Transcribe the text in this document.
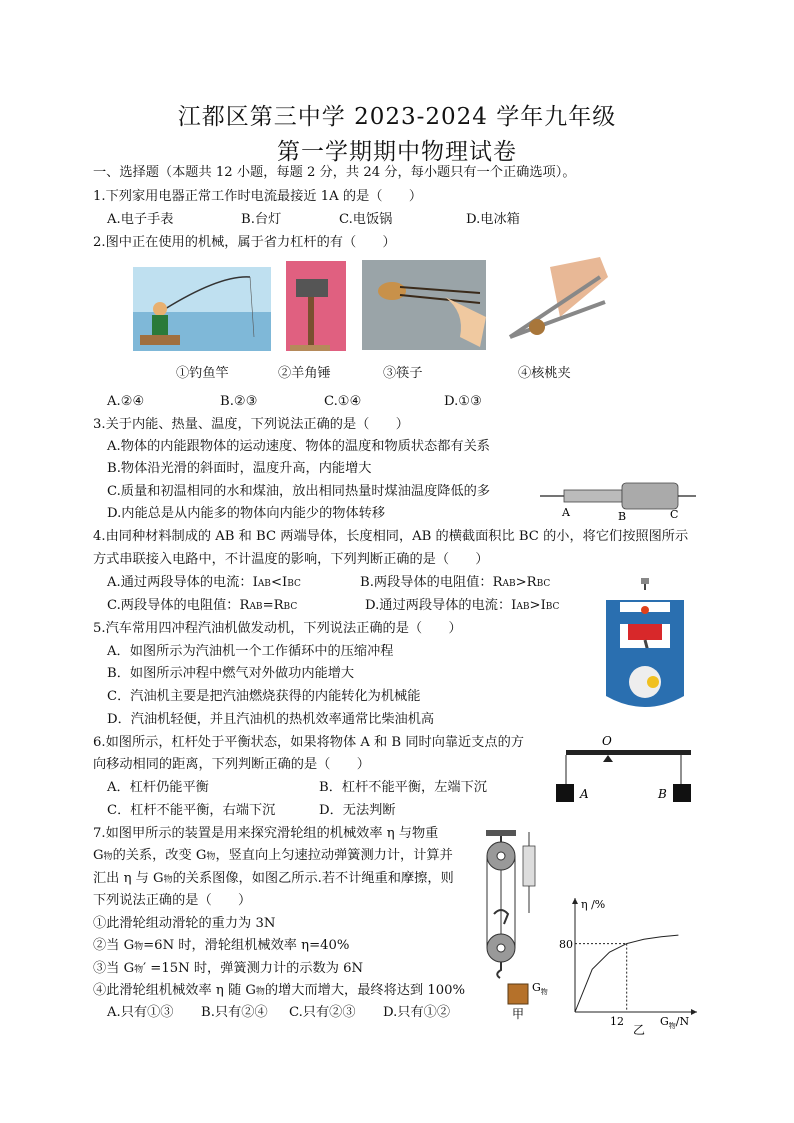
江都区第三中学 2023-2024 学年九年级
第一学期期中物理试卷
一、选择题（本题共 12 小题，每题 2 分，共 24 分，每小题只有一个正确选项）。
1.下列家用电器正常工作时电流最接近 1A 的是（　　）
A.电子手表	B.台灯	C.电饭锅	D.电冰箱
2.图中正在使用的机械，属于省力杠杆的有（　　）
①钓鱼竿	②羊角锤	③筷子	④核桃夹
A.②④	B.②③	C.①④	D.①③
3.关于内能、热量、温度，下列说法正确的是（　　）
A.物体的内能跟物体的运动速度、物体的温度和物质状态都有关系
B.物体沿光滑的斜面时，温度升高，内能增大
C.质量和初温相同的水和煤油，放出相同热量时煤油温度降低的多
D.内能总是从内能多的物体向内能少的物体转移	A	B	C
4.由同种材料制成的 AB 和 BC 两端导体，长度相同，AB 的横截面积比 BC 的小，将它们按照图所示
方式串联接入电路中，不计温度的影响，下列判断正确的是（　　）
A.通过两段导体的电流：IAB<IBC	B.两段导体的电阻值：RAB>RBC
C.两段导体的电阻值：RAB=RBC	D.通过两段导体的电流：IAB>IBC
5.汽车常用四冲程汽油机做发动机，下列说法正确的是（　　）
A．如图所示为汽油机一个工作循环中的压缩冲程
B．如图所示冲程中燃气对外做功内能增大
C．汽油机主要是把汽油燃烧获得的内能转化为机械能
D．汽油机轻便，并且汽油机的热机效率通常比柴油机高
6.如图所示，杠杆处于平衡状态，如果将物体 A 和 B 同时向靠近支点的方
向移动相同的距离，下列判断正确的是（　　）
A．杠杆仍能平衡	B．杠杆不能平衡，左端下沉
C．杠杆不能平衡，右端下沉	D．无法判断
O
A	B
7.如图甲所示的装置是用来探究滑轮组的机械效率 η 与物重
G物的关系，改变 G物，竖直向上匀速拉动弹簧测力计，计算并
汇出 η 与 G物的关系图像，如图乙所示.若不计绳重和摩擦，则
下列说法正确的是（　　）
①此滑轮组动滑轮的重力为 3N
②当 G物=6N 时，滑轮组机械效率 η=40%
③当 G物′ =15N 时，弹簧测力计的示数为 6N
④此滑轮组机械效率 η 随 G物的增大而增大，最终将达到 100%
A.只有①③ B.只有②④ C.只有②③ D.只有①②
$G_物$
甲
η /%
80
12	$G_物/N$
乙
